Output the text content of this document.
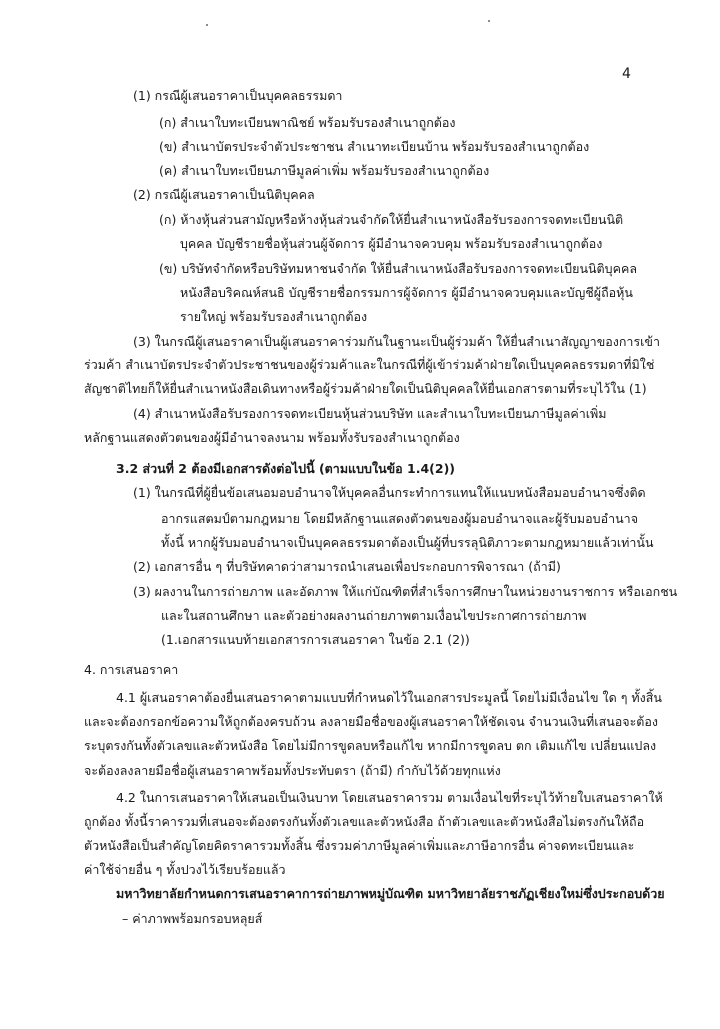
4
(1) กรณีผู้เสนอราคาเป็นบุคคลธรรมดา
(ก) สำเนาใบทะเบียนพาณิชย์ พร้อมรับรองสำเนาถูกต้อง
(ข) สำเนาบัตรประจำตัวประชาชน สำเนาทะเบียนบ้าน พร้อมรับรองสำเนาถูกต้อง
(ค) สำเนาใบทะเบียนภาษีมูลค่าเพิ่ม พร้อมรับรองสำเนาถูกต้อง
(2) กรณีผู้เสนอราคาเป็นนิติบุคคล
(ก) ห้างหุ้นส่วนสามัญหรือห้างหุ้นส่วนจำกัดให้ยื่นสำเนาหนังสือรับรองการจดทะเบียนนิติ
บุคคล บัญชีรายชื่อหุ้นส่วนผู้จัดการ ผู้มีอำนาจควบคุม พร้อมรับรองสำเนาถูกต้อง
(ข) บริษัทจำกัดหรือบริษัทมหาชนจำกัด ให้ยื่นสำเนาหนังสือรับรองการจดทะเบียนนิติบุคคล
หนังสือบริคณห์สนธิ บัญชีรายชื่อกรรมการผู้จัดการ ผู้มีอำนาจควบคุมและบัญชีผู้ถือหุ้น
รายใหญ่ พร้อมรับรองสำเนาถูกต้อง
(3) ในกรณีผู้เสนอราคาเป็นผู้เสนอราคาร่วมกันในฐานะเป็นผู้ร่วมค้า ให้ยื่นสำเนาสัญญาของการเข้า
ร่วมค้า สำเนาบัตรประจำตัวประชาชนของผู้ร่วมค้าและในกรณีที่ผู้เข้าร่วมค้าฝ่ายใดเป็นบุคคลธรรมดาที่มิใช่
สัญชาติไทยก็ให้ยื่นสำเนาหนังสือเดินทางหรือผู้ร่วมค้าฝ่ายใดเป็นนิติบุคคลให้ยื่นเอกสารตามที่ระบุไว้ใน (1)
(4) สำเนาหนังสือรับรองการจดทะเบียนหุ้นส่วนบริษัท และสำเนาใบทะเบียนภาษีมูลค่าเพิ่ม
หลักฐานแสดงตัวตนของผู้มีอำนาจลงนาม พร้อมทั้งรับรองสำเนาถูกต้อง
3.2 ส่วนที่ 2 ต้องมีเอกสารดังต่อไปนี้ (ตามแบบในข้อ 1.4(2))
(1) ในกรณีที่ผู้ยื่นข้อเสนอมอบอำนาจให้บุคคลอื่นกระทำการแทนให้แนบหนังสือมอบอำนาจซึ่งติด
อากรแสตมป์ตามกฎหมาย โดยมีหลักฐานแสดงตัวตนของผู้มอบอำนาจและผู้รับมอบอำนาจ
ทั้งนี้ หากผู้รับมอบอำนาจเป็นบุคคลธรรมดาต้องเป็นผู้ที่บรรลุนิติภาวะตามกฎหมายแล้วเท่านั้น
(2) เอกสารอื่น ๆ ที่บริษัทคาดว่าสามารถนำเสนอเพื่อประกอบการพิจารณา (ถ้ามี)
(3) ผลงานในการถ่ายภาพ และอัดภาพ ให้แก่บัณฑิตที่สำเร็จการศึกษาในหน่วยงานราชการ หรือเอกชน
และในสถานศึกษา และตัวอย่างผลงานถ่ายภาพตามเงื่อนไขประกาศการถ่ายภาพ
(1.เอกสารแนบท้ายเอกสารการเสนอราคา ในข้อ 2.1 (2))
4. การเสนอราคา
4.1 ผู้เสนอราคาต้องยื่นเสนอราคาตามแบบที่กำหนดไว้ในเอกสารประมูลนี้ โดยไม่มีเงื่อนไข ใด ๆ ทั้งสิ้น
และจะต้องกรอกข้อความให้ถูกต้องครบถ้วน ลงลายมือชื่อของผู้เสนอราคาให้ชัดเจน จำนวนเงินที่เสนอจะต้อง
ระบุตรงกันทั้งตัวเลขและตัวหนังสือ โดยไม่มีการขูดลบหรือแก้ไข หากมีการขูดลบ ตก เติมแก้ไข เปลี่ยนแปลง
จะต้องลงลายมือชื่อผู้เสนอราคาพร้อมทั้งประทับตรา (ถ้ามี) กำกับไว้ด้วยทุกแห่ง
4.2 ในการเสนอราคาให้เสนอเป็นเงินบาท โดยเสนอราคารวม ตามเงื่อนไขที่ระบุไว้ท้ายใบเสนอราคาให้
ถูกต้อง ทั้งนี้ราคารวมที่เสนอจะต้องตรงกันทั้งตัวเลขและตัวหนังสือ ถ้าตัวเลขและตัวหนังสือไม่ตรงกันให้ถือ
ตัวหนังสือเป็นสำคัญโดยคิดราคารวมทั้งสิ้น ซึ่งรวมค่าภาษีมูลค่าเพิ่มและภาษีอากรอื่น ค่าจดทะเบียนและ
ค่าใช้จ่ายอื่น ๆ ทั้งปวงไว้เรียบร้อยแล้ว
มหาวิทยาลัยกำหนดการเสนอราคาการถ่ายภาพหมู่บัณฑิต มหาวิทยาลัยราชภัฏเชียงใหม่ซึ่งประกอบด้วย
– ค่าภาพพร้อมกรอบหลุยส์
